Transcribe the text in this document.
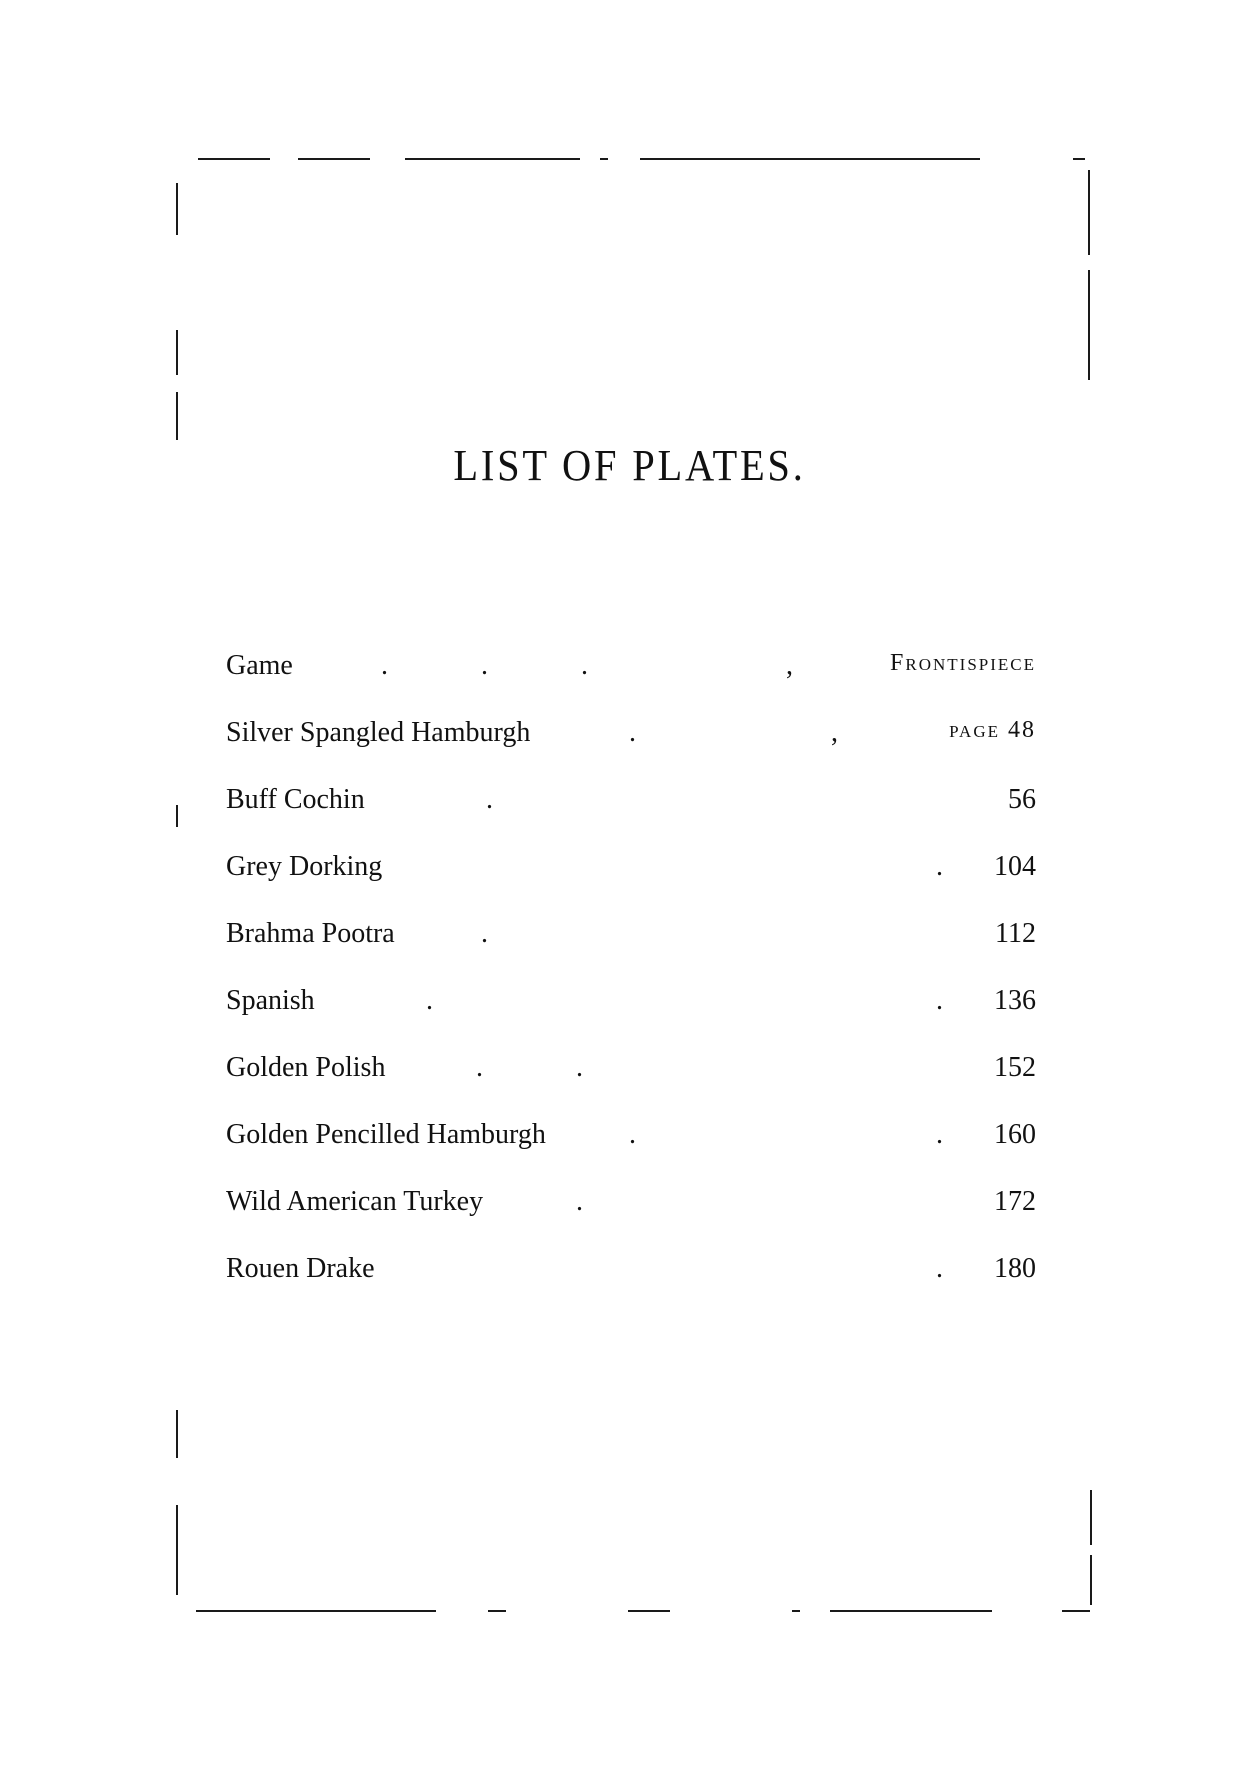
LIST OF PLATES.
Game	.	.	.	,	Frontispiece
Silver Spangled Hamburgh	.	,	page 48
Buff Cochin	.	56
Grey Dorking	. 104
Brahma Pootra	.	112
Spanish	.	. 136
Golden Polish	.	.	152
Golden Pencilled Hamburgh	.	. 160
Wild American Turkey	.	172
Rouen Drake	. 180
